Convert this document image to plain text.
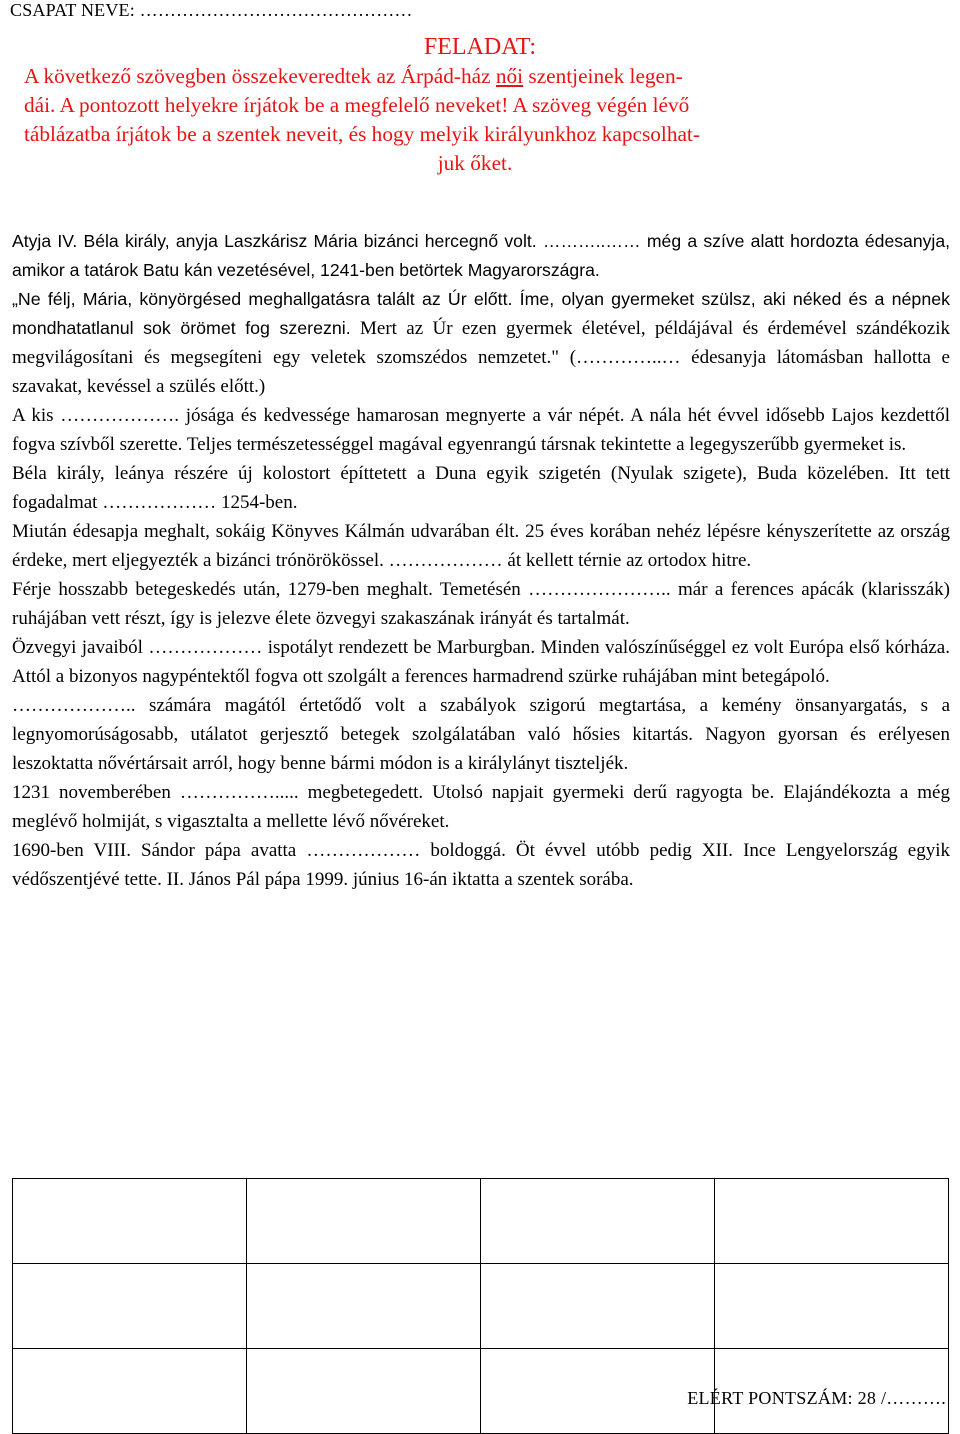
CSAPAT NEVE: ………………………………………
FELADAT:
A következő szövegben összekeveredtek az Árpád-ház női szentjeinek legen-
dái. A pontozott helyekre írjátok be a megfelelő neveket! A szöveg végén lévő
táblázatba írjátok be a szentek neveit, és hogy melyik királyunkhoz kapcsolhat-
juk őket.

Atyja IV. Béla király, anyja Laszkárisz Mária bizánci hercegnő volt. ………..…… még a szíve alatt hordozta édesanyja, amikor a tatárok Batu kán vezetésével, 1241-ben betörtek Magyarországra.

„Ne félj, Mária, könyörgésed meghallgatásra talált az Úr előtt. Íme, olyan gyermeket szülsz, aki néked és a népnek mondhatatlanul sok örömet fog szerezni. Mert az Úr ezen gyermek életével, példájával és érdemével szándékozik megvilágosítani és megsegíteni egy veletek szomszédos nemzetet." (…………..… édesanyja látomásban hallotta e szavakat, kevéssel a szülés előtt.)

A kis ………………. jósága és kedvessége hamarosan megnyerte a vár népét. A nála hét évvel idősebb Lajos kezdettől fogva szívből szerette. Teljes természetességgel magával egyenrangú társnak tekintette a legegyszerűbb gyermeket is.

Béla király, leánya részére új kolostort építtetett a Duna egyik szigetén (Nyulak szigete), Buda közelében. Itt tett fogadalmat ……………… 1254-ben.

Miután édesapja meghalt, sokáig Könyves Kálmán udvarában élt. 25 éves korában nehéz lépésre kényszerítette az ország érdeke, mert eljegyezték a bizánci trónörökössel. ……………… át kellett térnie az ortodox hitre.

Férje hosszabb betegeskedés után, 1279-ben meghalt. Temetésén ………………….. már a ferences apácák (klarisszák) ruhájában vett részt, így is jelezve élete özvegyi szakaszának irányát és tartalmát.

Özvegyi javaiból ……………… ispotályt rendezett be Marburgban. Minden valószínűséggel ez volt Európa első kórháza. Attól a bizonyos nagypéntektől fogva ott szolgált a ferences harmadrend szürke ruhájában mint betegápoló.

……………….. számára magától értetődő volt a szabályok szigorú megtartása, a kemény önsanyargatás, s a legnyomorúságosabb, utálatot gerjesztő betegek szolgálatában való hősies kitartás. Nagyon gyorsan és erélyesen leszoktatta nővértársait arról, hogy benne bármi módon is a királylányt tiszteljék.

1231 novemberében ……………..... megbetegedett. Utolsó napjait gyermeki derű ragyogta be. Elajándékozta a még meglévő holmiját, s vigasztalta a mellette lévő nővéreket.

1690-ben VIII. Sándor pápa avatta ……………… boldoggá. Öt évvel utóbb pedig XII. Ince Lengyelország egyik védőszentjévé tette. II. János Pál pápa 1999. június 16-án iktatta a szentek sorába.

ELÉRT PONTSZÁM: 28 /……….
